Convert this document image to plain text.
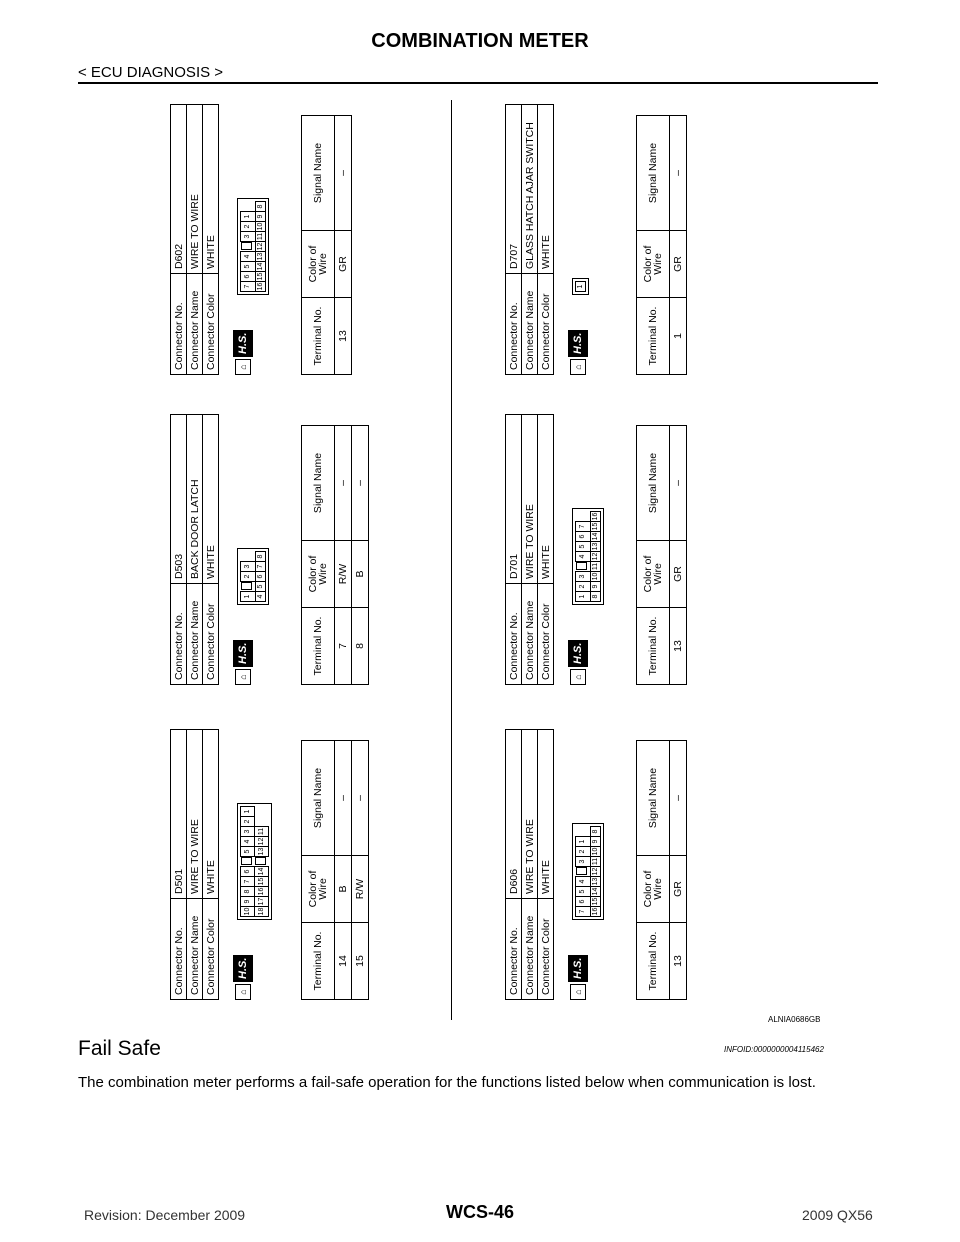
COMBINATION METER
< ECU DIAGNOSIS >
Connector No.	D501
Connector Name	WIRE TO WIRE
Connector Color	WHITE
⌂H.S.
10	9	8	7	6		5	4	3	2	1
18	17	16	15	14		13	12	11		
Terminal No.	Color of Wire	Signal Name
14	B	–
15	R/W	–
Connector No.	D503
Connector Name	BACK DOOR LATCH
Connector Color	WHITE
⌂H.S.
1		2	3	
4	5	6	7	8
Terminal No.	Color of Wire	Signal Name
7	R/W	–
8	B	–
Connector No.	D602
Connector Name	WIRE TO WIRE
Connector Color	WHITE
⌂H.S.
7	6	5	4		3	2	1	
16	15	14	13	12	11	10	9	8
Terminal No.	Color of Wire	Signal Name
13	GR	–
Connector No.	D606
Connector Name	WIRE TO WIRE
Connector Color	WHITE
⌂H.S.
7	6	5	4		3	2	1	
16	15	14	13	12	11	10	9	8
Terminal No.	Color of Wire	Signal Name
13	GR	–
Connector No.	D701
Connector Name	WIRE TO WIRE
Connector Color	WHITE
⌂H.S.
1	2	3		4	5	6	7	
8	9	10	11	12	13	14	15	16
Terminal No.	Color of Wire	Signal Name
13	GR	–
Connector No.	D707
Connector Name	GLASS HATCH AJAR SWITCH
Connector Color	WHITE
⌂H.S.
1
Terminal No.	Color of Wire	Signal Name
1	GR	–
ALNIA0686GB
Fail Safe	INFOID:0000000004115462
The combination meter performs a fail-safe operation for the functions listed below when communication is lost.
Revision: December 2009	WCS-46	2009 QX56
